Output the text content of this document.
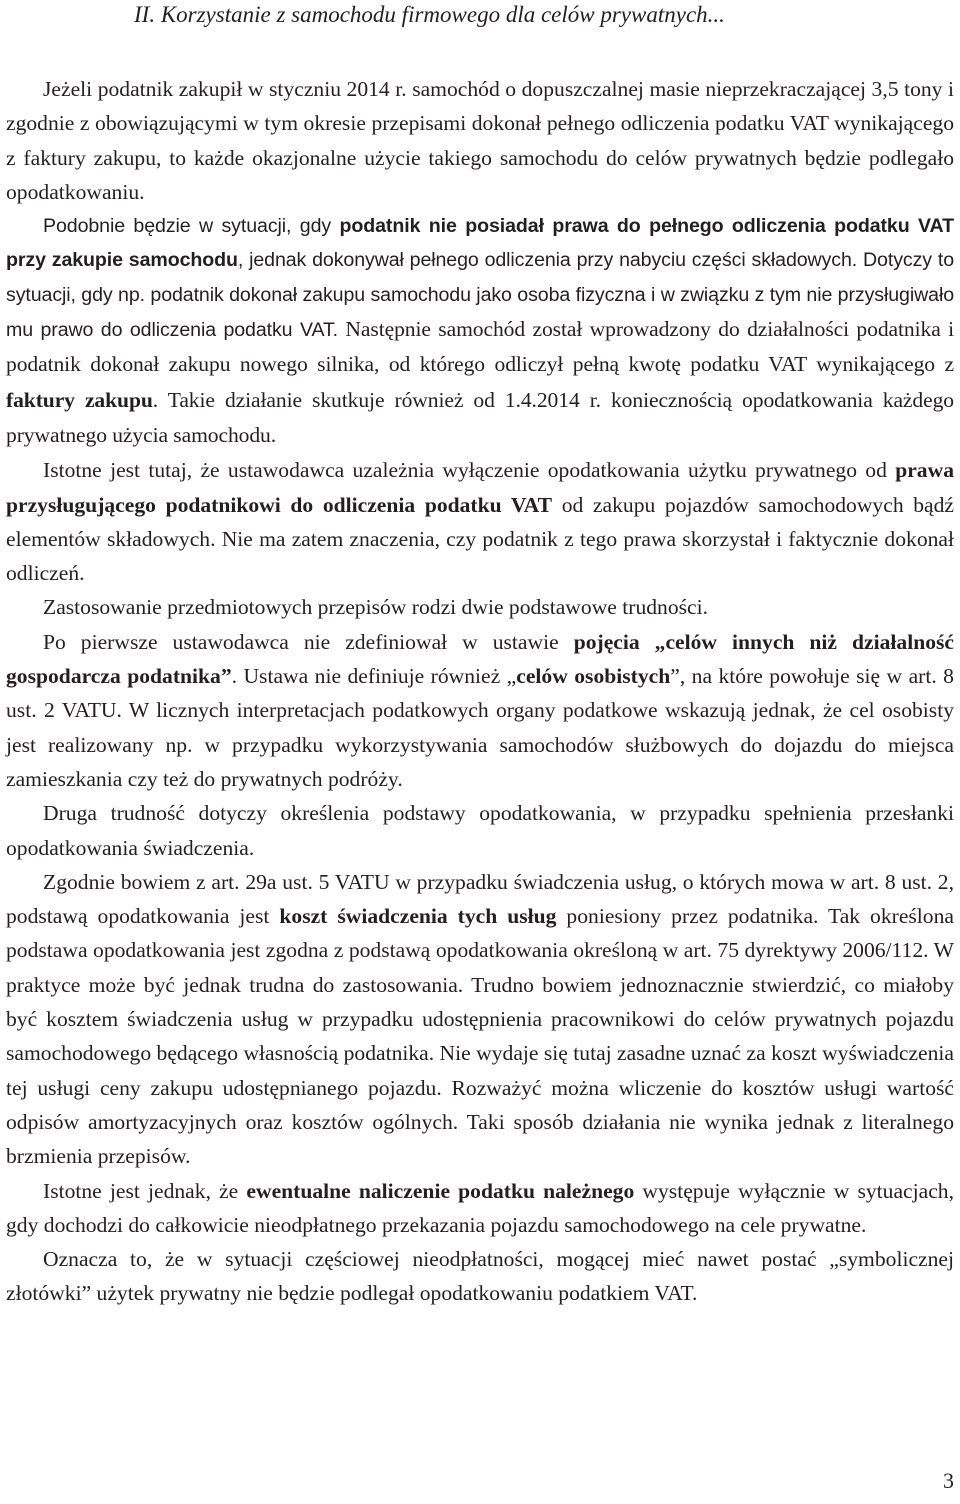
II. Korzystanie z samochodu firmowego dla celów prywatnych...

Jeżeli podatnik zakupił w styczniu 2014 r. samochód o dopuszczalnej masie nieprzekraczającej 3,5 tony i zgodnie z obowiązującymi w tym okresie przepisami dokonał pełnego odliczenia podatku VAT wynikającego z faktury zakupu, to każde okazjonalne użycie takiego samochodu do celów prywatnych będzie podlegało opodatkowaniu.

Podobnie będzie w sytuacji, gdy podatnik nie posiadał prawa do pełnego odliczenia podatku VAT przy zakupie samochodu, jednak dokonywał pełnego odliczenia przy nabyciu części składowych. Dotyczy to sytuacji, gdy np. podatnik dokonał zakupu samochodu jako osoba fizyczna i w związku z tym nie przysługiwało mu prawo do odliczenia podatku VAT. Następnie samochód został wprowadzony do działalności podatnika i podatnik dokonał zakupu nowego silnika, od którego odliczył pełną kwotę podatku VAT wynikającego z faktury zakupu. Takie działanie skutkuje również od 1.4.2014 r. koniecznością opodatkowania każdego prywatnego użycia samochodu.

Istotne jest tutaj, że ustawodawca uzależnia wyłączenie opodatkowania użytku prywatnego od prawa przysługującego podatnikowi do odliczenia podatku VAT od zakupu pojazdów samochodowych bądź elementów składowych. Nie ma zatem znaczenia, czy podatnik z tego prawa skorzystał i faktycznie dokonał odliczeń.

Zastosowanie przedmiotowych przepisów rodzi dwie podstawowe trudności.

Po pierwsze ustawodawca nie zdefiniował w ustawie pojęcia „celów innych niż działalność gospodarcza podatnika”. Ustawa nie definiuje również „celów osobistych”, na które powołuje się w art. 8 ust. 2 VATU. W licznych interpretacjach podatkowych organy podatkowe wskazują jednak, że cel osobisty jest realizowany np. w przypadku wykorzystywania samochodów służbowych do dojazdu do miejsca zamieszkania czy też do prywatnych podróży.

Druga trudność dotyczy określenia podstawy opodatkowania, w przypadku spełnienia przesłanki opodatkowania świadczenia.

Zgodnie bowiem z art. 29a ust. 5 VATU w przypadku świadczenia usług, o których mowa w art. 8 ust. 2, podstawą opodatkowania jest koszt świadczenia tych usług poniesiony przez podatnika. Tak określona podstawa opodatkowania jest zgodna z podstawą opodatkowania określoną w art. 75 dyrektywy 2006/112. W praktyce może być jednak trudna do zastosowania. Trudno bowiem jednoznacznie stwierdzić, co miałoby być kosztem świadczenia usług w przypadku udostępnienia pracownikowi do celów prywatnych pojazdu samochodowego będącego własnością podatnika. Nie wydaje się tutaj zasadne uznać za koszt wyświadczenia tej usługi ceny zakupu udostępnianego pojazdu. Rozważyć można wliczenie do kosztów usługi wartość odpisów amortyzacyjnych oraz kosztów ogólnych. Taki sposób działania nie wynika jednak z literalnego brzmienia przepisów.

Istotne jest jednak, że ewentualne naliczenie podatku należnego występuje wyłącznie w sytuacjach, gdy dochodzi do całkowicie nieodpłatnego przekazania pojazdu samochodowego na cele prywatne.

Oznacza to, że w sytuacji częściowej nieodpłatności, mogącej mieć nawet postać „symbolicznej złotówki” użytek prywatny nie będzie podlegał opodatkowaniu podatkiem VAT.

3
